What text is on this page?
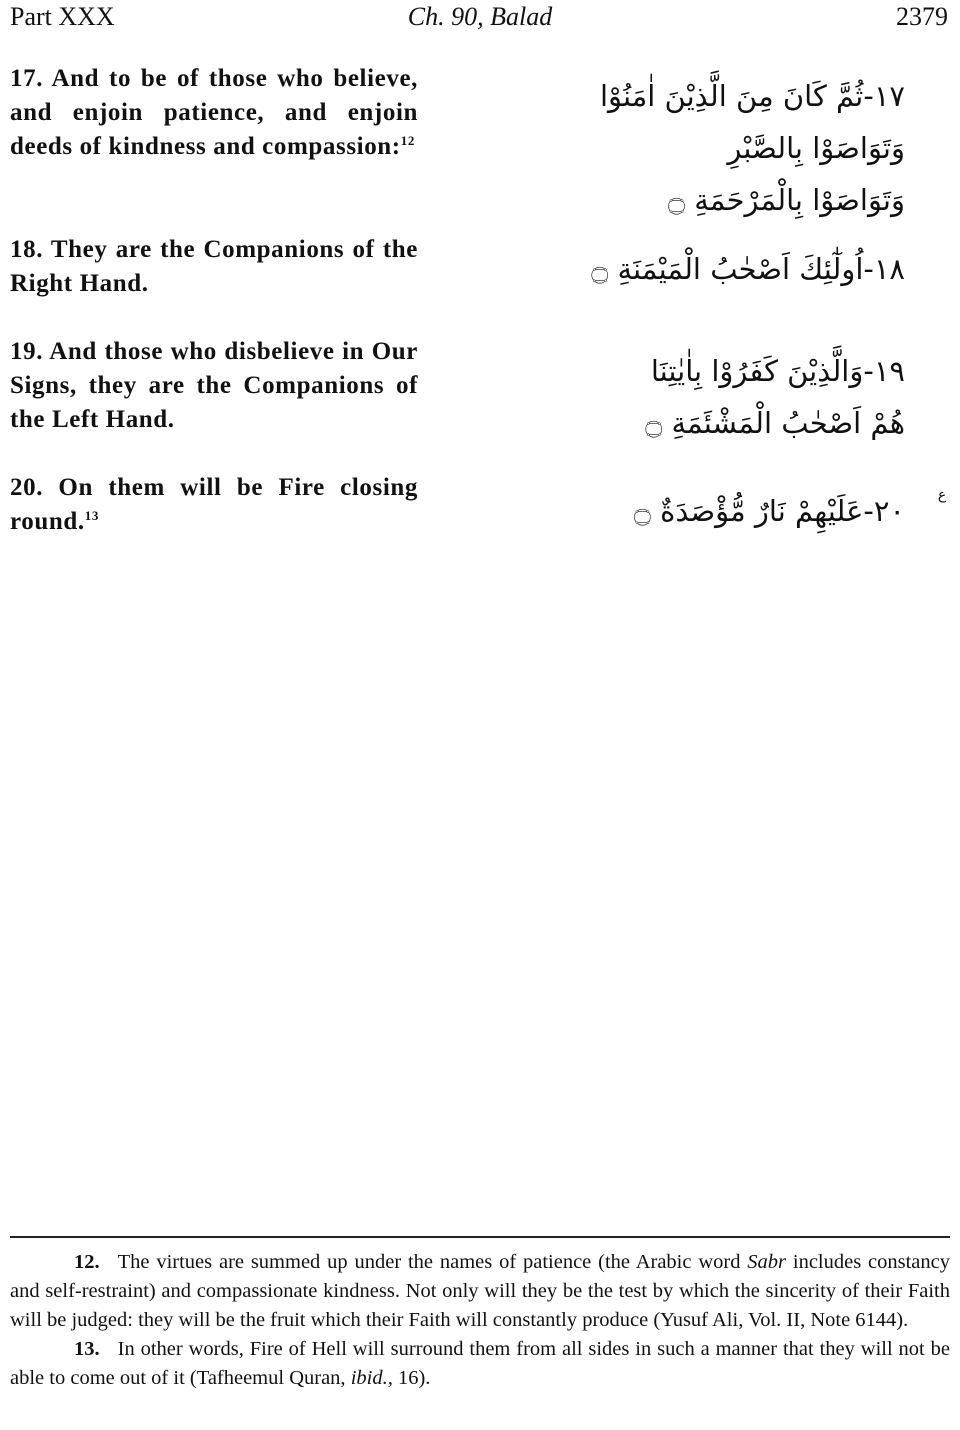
Part XXX	Ch. 90, Balad	2379
17. And to be of those who believe, and enjoin patience, and enjoin deeds of kindness and compassion:$^{12}$
١٧-ثُمَّ كَانَ مِنَ الَّذِيْنَ اٰمَنُوْا
وَتَوَاصَوْا بِالصَّبْرِ
وَتَوَاصَوْا بِالْمَرْحَمَةِ ۝
18. They are the Companions of the Right Hand.	١٨-اُولٰٓئِكَ اَصْحٰبُ الْمَيْمَنَةِ ۝
19. And those who disbelieve in Our Signs, they are the Companions of the Left Hand.
١٩-وَالَّذِيْنَ كَفَرُوْا بِاٰيٰتِنَا
هُمْ اَصْحٰبُ الْمَشْئَمَةِ ۝
20. On them will be Fire closing round.$^{13}$	٢٠-عَلَيْهِمْ نَارٌ مُّؤْصَدَةٌ ۝	ع

12. The virtues are summed up under the names of patience (the Arabic word Sabr includes constancy and self-restraint) and compassionate kindness. Not only will they be the test by which the sincerity of their Faith will be judged: they will be the fruit which their Faith will constantly produce (Yusuf Ali, Vol. II, Note 6144).

13. In other words, Fire of Hell will surround them from all sides in such a manner that they will not be able to come out of it (Tafheemul Quran, ibid., 16).
